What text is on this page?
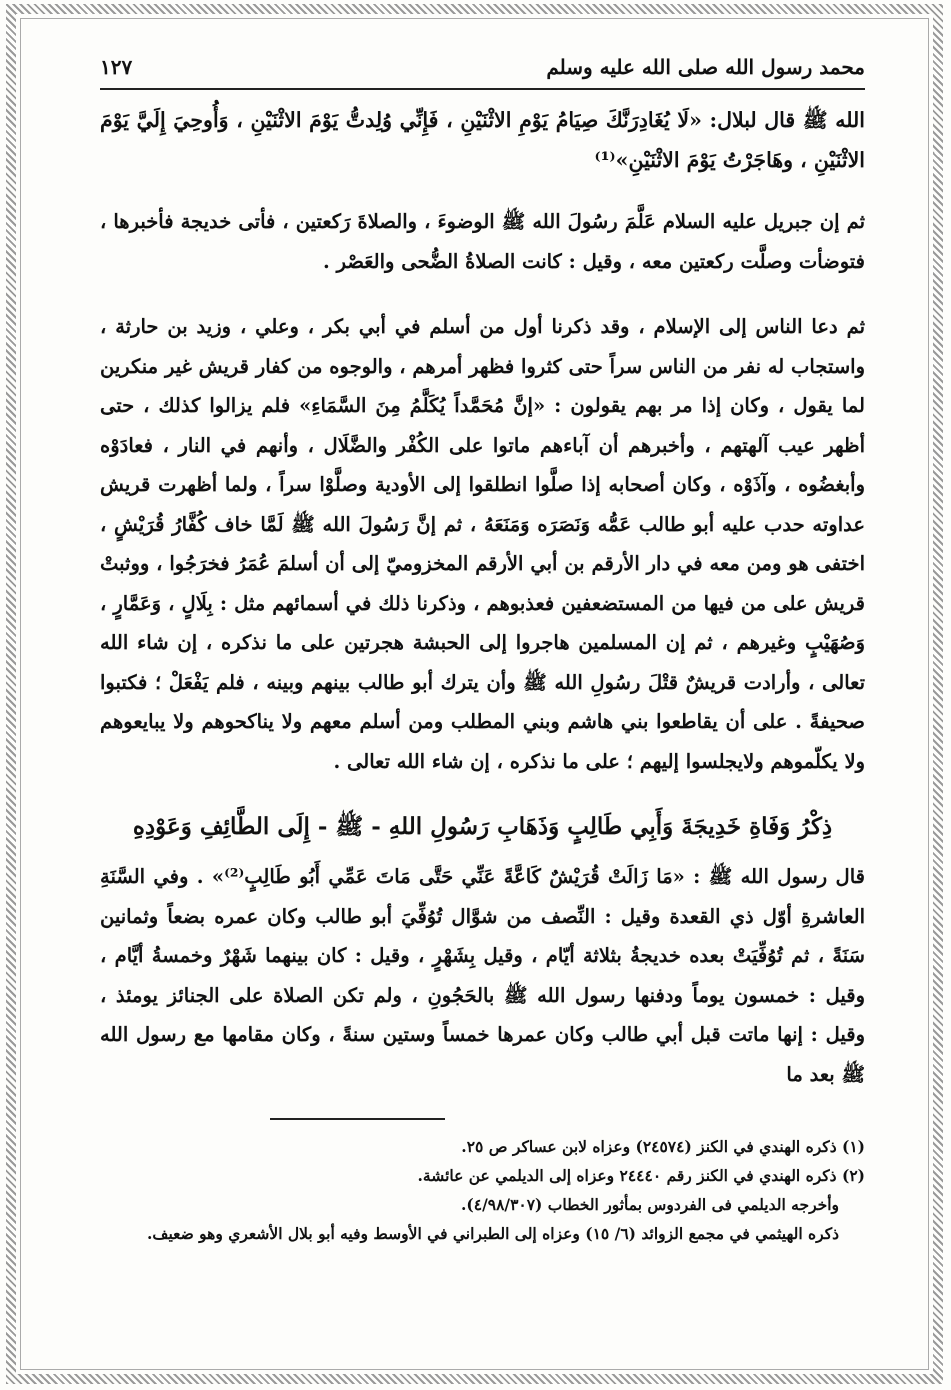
محمد رسول الله صلى الله عليه وسلم
١٢٧

الله ﷺ قال لبلال: «لَا يُغَادِرَنَّكَ صِيَامُ يَوْمِ الاثْنَيْنِ ، فَإِنِّي وُلِدتُّ يَوْمَ الاثْنَيْنِ ، وَأُوحِيَ إِلَيَّ يَوْمَ الاثْنَيْنِ ، وهَاجَرْتُ يَوْمَ الاثْنَيْنِ»⁽¹⁾

ثم إن جبريل عليه السلام عَلَّمَ رسُولَ الله ﷺ الوضوءَ ، والصلاةَ رَكعتين ، فأتى خديجة فأخبرها ، فتوضأت وصلَّت ركعتين معه ، وقيل : كانت الصلاةُ الضُّحى والعَصْر .

ثم دعا الناس إلى الإسلام ، وقد ذكرنا أول من أسلم في أبي بكر ، وعلي ، وزيد بن حارثة ، واستجاب له نفر من الناس سراً حتى كثروا فظهر أمرهم ، والوجوه من كفار قريش غير منكرين لما يقول ، وكان إذا مر بهم يقولون : «إنَّ مُحَمَّداً يُكَلَّمُ مِنَ السَّمَاءِ» فلم يزالوا كذلك ، حتى أظهر عيب آلهتهم ، وأخبرهم أن آباءهم ماتوا على الكُفْر والضَّلَال ، وأنهم في النار ، فعادَوْه وأبغضُوه ، وآذَوْه ، وكان أصحابه إذا صلَّوا انطلقوا إلى الأودية وصلَّوْا سراً ، ولما أظهرت قريش عداوته حدب عليه أبو طالب عَمُّه وَنَصَرَه وَمَنَعَهُ ، ثم إنَّ رَسُولَ الله ﷺ لَمَّا خاف كُفَّارُ قُرَيْشٍ ، اختفى هو ومن معه في دار الأرقم بن أبي الأرقم المخزوميّ إلى أن أسلمَ عُمَرُ فخرَجُوا ، ووثبتْ قريش على من فيها من المستضعفين فعذبوهم ، وذكرنا ذلك في أسمائهم مثل : بِلَالٍ ، وَعَمَّارٍ ، وَصُهَيْبٍ وغيرهم ، ثم إن المسلمين هاجروا إلى الحبشة هجرتين على ما نذكره ، إن شاء الله تعالى ، وأرادت قريشٌ قتْلَ رسُولِ الله ﷺ وأن يترك أبو طالب بينهم وبينه ، فلم يَفْعَلْ ؛ فكتبوا صحيفةً . على أن يقاطعوا بني هاشم وبني المطلب ومن أسلم معهم ولا يناكحوهم ولا يبايعوهم ولا يكلّموهم ولايجلسوا إليهم ؛ على ما نذكره ، إن شاء الله تعالى .

ذِكْرُ وَفَاةِ خَدِيجَةَ وَأَبِي طَالِبٍ وَذَهَابِ رَسُولِ اللهِ - ﷺ - إِلَى الطَّائِفِ وَعَوْدِهِ

قال رسول الله ﷺ : «مَا زَالَتْ قُرَيْشٌ كَاعَّةً عَنِّي حَتَّى مَاتَ عَمِّي أَبُو طَالِبٍ⁽²⁾» . وفي السَّنَةِ العاشرةِ أوّل ذي القعدة وقيل : النِّصف من شوَّال تُوُفِّيَ أبو طالب وكان عمره بضعاً وثمانين سَنَةً ، ثم تُوُفِّيَتْ بعده خديجةُ بثلاثة أيّام ، وقيل بِشَهْرٍ ، وقيل : كان بينهما شَهْرٌ وخمسةُ أيَّام ، وقيل : خمسون يوماً ودفنها رسول الله ﷺ بالحَجُونِ ، ولم تكن الصلاة على الجنائز يومئذ ، وقيل : إنها ماتت قبل أبي طالب وكان عمرها خمساً وستين سنةً ، وكان مقامها مع رسول الله ﷺ بعد ما

(١) ذكره الهندي في الكنز (٢٤٥٧٤) وعزاه لابن عساكر ص ٢٥.
(٢) ذكره الهندي في الكنز رقم ٢٤٤٤٠ وعزاه إلى الديلمي عن عائشة.
وأخرجه الديلمي فى الفردوس بمأثور الخطاب (٤/٩٨/٣٠٧).
ذكره الهيثمي في مجمع الزوائد (٦/ ١٥) وعزاه إلى الطبراني في الأوسط وفيه أبو بلال الأشعري وهو ضعيف.
